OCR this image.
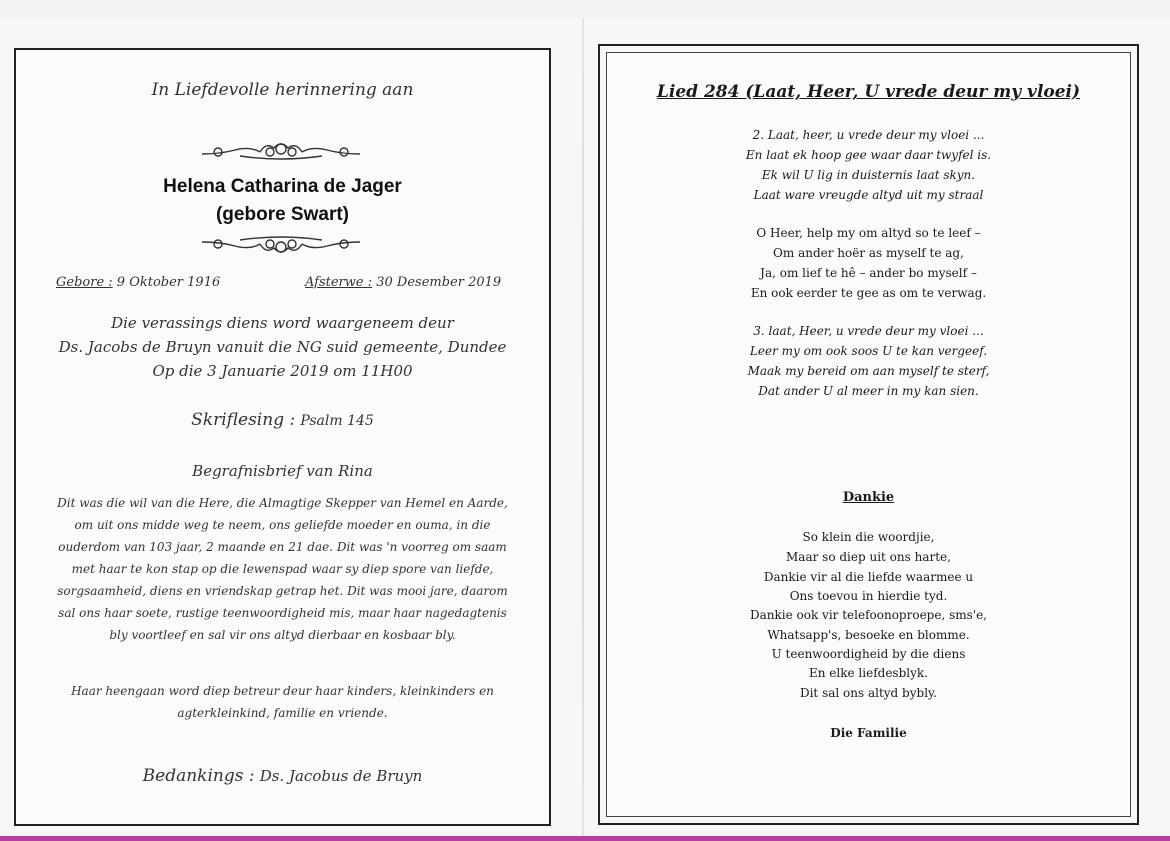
In Liefdevolle herinnering aan
Helena Catharina de Jager
(gebore Swart)
Gebore : 9 Oktober 1916	Afsterwe : 30 Desember 2019
Die verassings diens word waargeneem deur
Ds. Jacobs de Bruyn vanuit die NG suid gemeente, Dundee
Op die 3 Januarie 2019 om 11H00
Skriflesing : Psalm 145
Begrafnisbrief van Rina
Dit was die wil van die Here, die Almagtige Skepper van Hemel en Aarde,
om uit ons midde weg te neem, ons geliefde moeder en ouma, in die
ouderdom van 103 jaar, 2 maande en 21 dae. Dit was 'n voorreg om saam
met haar te kon stap op die lewenspad waar sy diep spore van liefde,
sorgsaamheid, diens en vriendskap getrap het. Dit was mooi jare, daarom
sal ons haar soete, rustige teenwoordigheid mis, maar haar nagedagtenis
bly voortleef en sal vir ons altyd dierbaar en kosbaar bly.
Haar heengaan word diep betreur deur haar kinders, kleinkinders en
agterkleinkind, familie en vriende.
Bedankings : Ds. Jacobus de Bruyn
Lied 284 (Laat, Heer, U vrede deur my vloei)
2. Laat, heer, u vrede deur my vloei ...
En laat ek hoop gee waar daar twyfel is.
Ek wil U lig in duisternis laat skyn.
Laat ware vreugde altyd uit my straal
O Heer, help my om altyd so te leef –
Om ander hoër as myself te ag,
Ja, om lief te hê – ander bo myself –
En ook eerder te gee as om te verwag.
3. laat, Heer, u vrede deur my vloei ...
Leer my om ook soos U te kan vergeef.
Maak my bereid om aan myself te sterf,
Dat ander U al meer in my kan sien.
Dankie
So klein die woordjie,
Maar so diep uit ons harte,
Dankie vir al die liefde waarmee u
Ons toevou in hierdie tyd.
Dankie ook vir telefoonoproepe, sms'e,
Whatsapp's, besoeke en blomme.
U teenwoordigheid by die diens
En elke liefdesblyk.
Dit sal ons altyd bybly.
Die Familie
